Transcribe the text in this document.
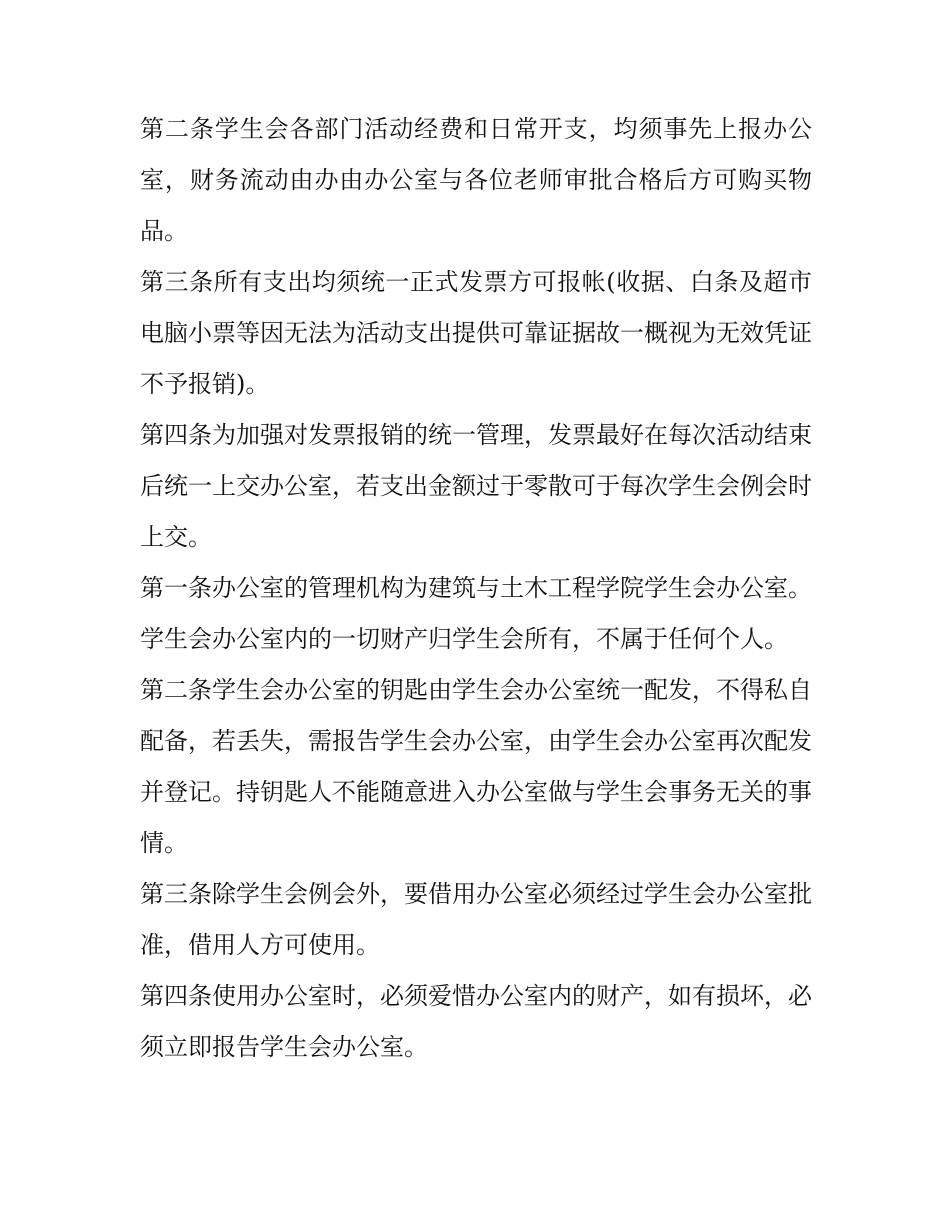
第二条学生会各部门活动经费和日常开支，均须事先上报办公室，财务流动由办由办公室与各位老师审批合格后方可购买物品。

第三条所有支出均须统一正式发票方可报帐(收据、白条及超市电脑小票等因无法为活动支出提供可靠证据故一概视为无效凭证不予报销)。

第四条为加强对发票报销的统一管理，发票最好在每次活动结束后统一上交办公室，若支出金额过于零散可于每次学生会例会时上交。

第一条办公室的管理机构为建筑与土木工程学院学生会办公室。学生会办公室内的一切财产归学生会所有，不属于任何个人。

第二条学生会办公室的钥匙由学生会办公室统一配发，不得私自配备，若丢失，需报告学生会办公室，由学生会办公室再次配发并登记。持钥匙人不能随意进入办公室做与学生会事务无关的事情。

第三条除学生会例会外，要借用办公室必须经过学生会办公室批准，借用人方可使用。

第四条使用办公室时，必须爱惜办公室内的财产，如有损坏，必须立即报告学生会办公室。
